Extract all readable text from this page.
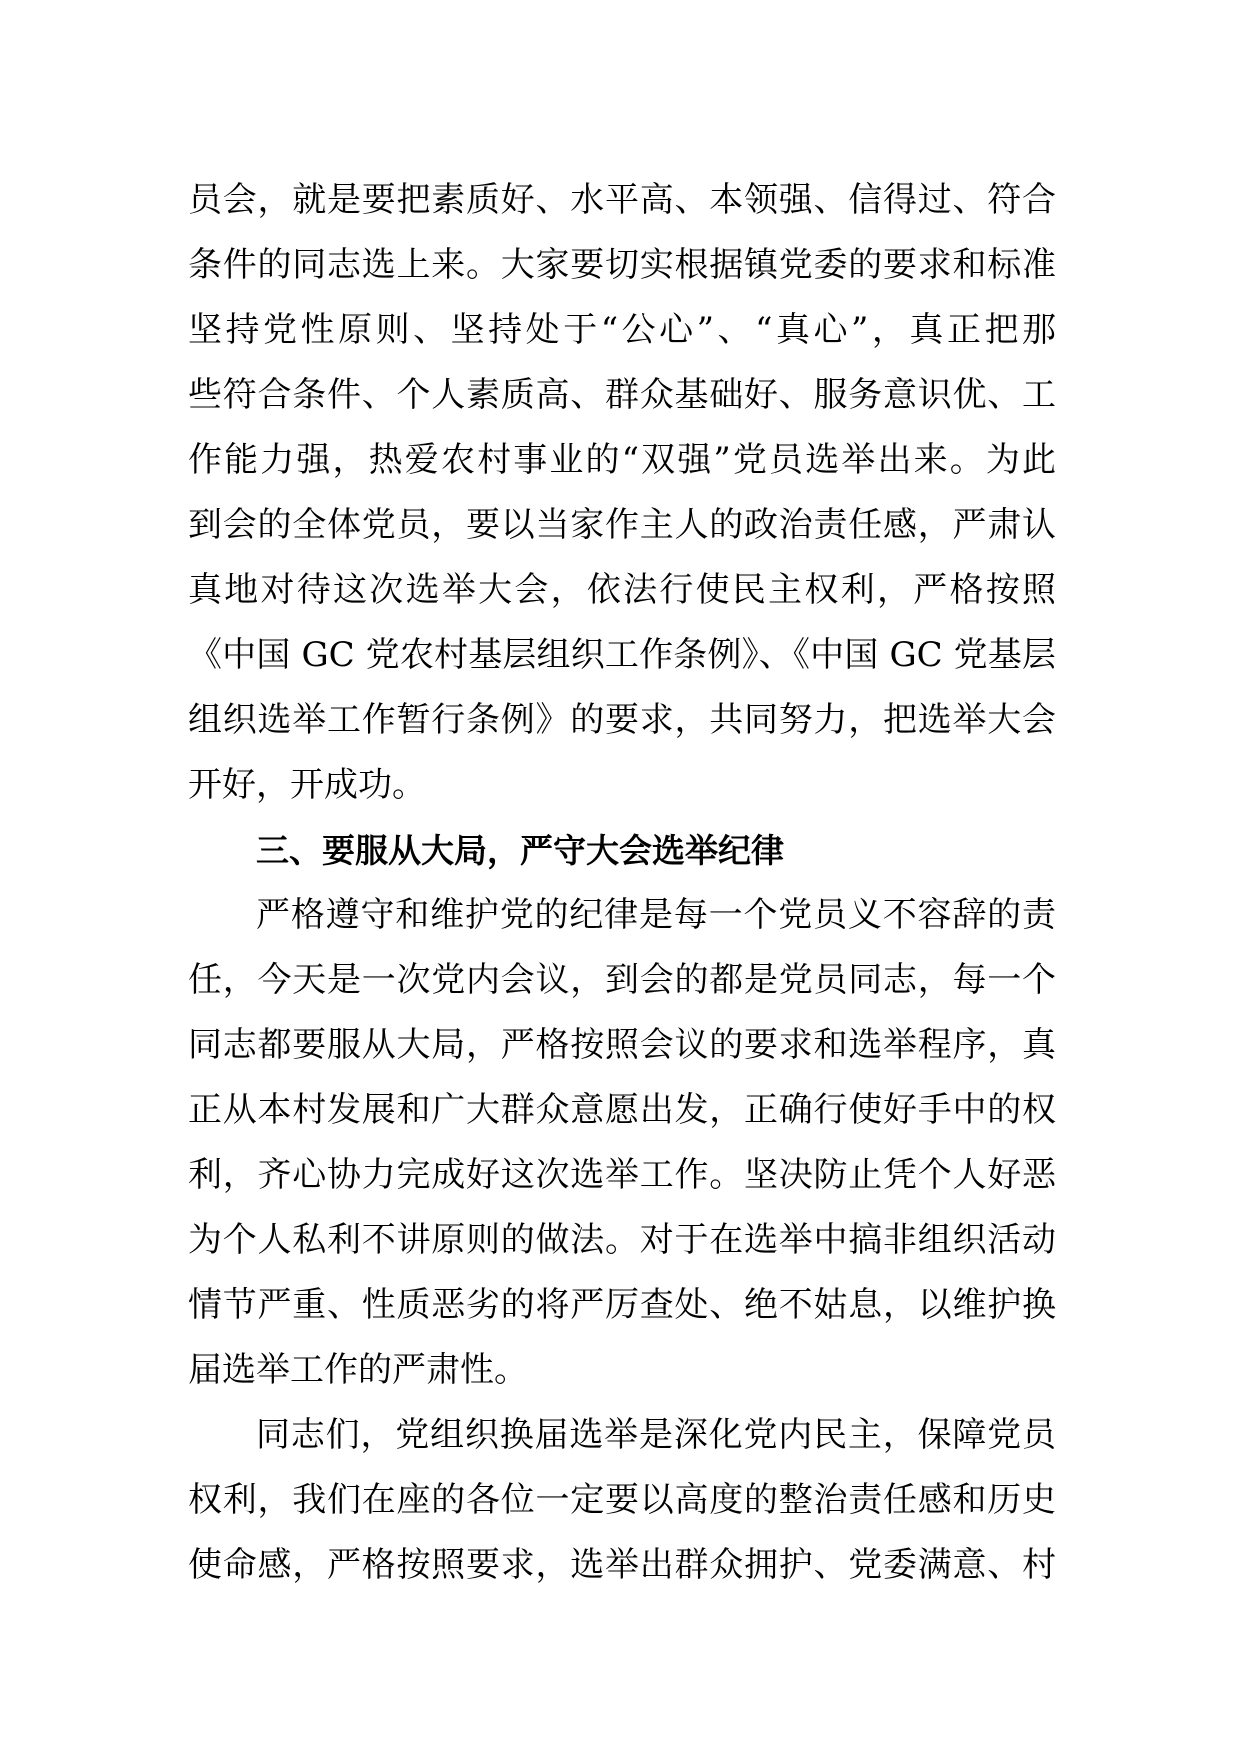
员会，就是要把素质好、水平高、本领强、信得过、符合
条件的同志选上来。大家要切实根据镇党委的要求和标准
坚持党性原则、坚持处于“公心”、“真心”，真正把那
些符合条件、个人素质高、群众基础好、服务意识优、工
作能力强，热爱农村事业的“双强”党员选举出来。为此
到会的全体党员，要以当家作主人的政治责任感，严肃认
真地对待这次选举大会，依法行使民主权利，严格按照
《中国 GC 党农村基层组织工作条例》、《中国 GC 党基层
组织选举工作暂行条例》的要求，共同努力，把选举大会
开好，开成功。
三、要服从大局，严守大会选举纪律
严格遵守和维护党的纪律是每一个党员义不容辞的责
任，今天是一次党内会议，到会的都是党员同志，每一个
同志都要服从大局，严格按照会议的要求和选举程序，真
正从本村发展和广大群众意愿出发，正确行使好手中的权
利，齐心协力完成好这次选举工作。坚决防止凭个人好恶
为个人私利不讲原则的做法。对于在选举中搞非组织活动
情节严重、性质恶劣的将严厉查处、绝不姑息，以维护换
届选举工作的严肃性。
同志们，党组织换届选举是深化党内民主，保障党员
权利，我们在座的各位一定要以高度的整治责任感和历史
使命感，严格按照要求，选举出群众拥护、党委满意、村
